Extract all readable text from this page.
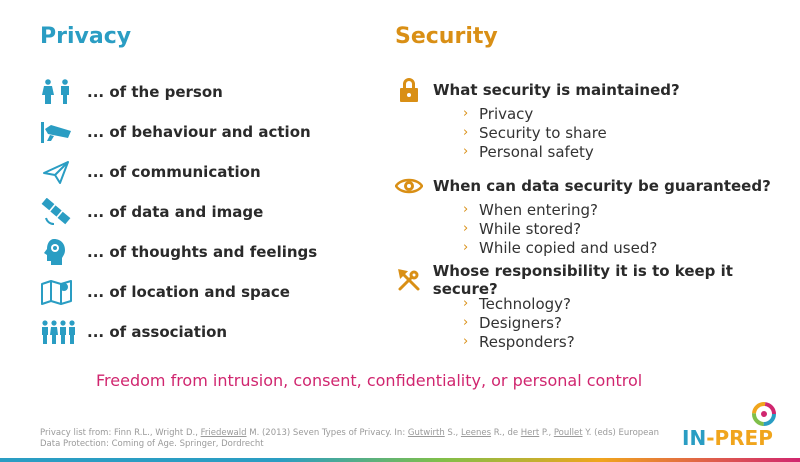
Privacy	Security
... of the person
... of behaviour and action
... of communication
... of data and image
... of thoughts and feelings
... of location and space
... of association
What security is maintained?
› Privacy
› Security to share
› Personal safety
When can data security be guaranteed?
› When entering?
› While stored?
› While copied and used?
Whose responsibility it is to keep it secure?
› Technology?
› Designers?
› Responders?
Freedom from intrusion, consent, confidentiality, or personal control
Privacy list from: Finn R.L., Wright D., Friedewald M. (2013) Seven Types of Privacy. In: Gutwirth S., Leenes R., de Hert P., Poullet Y. (eds) European Data Protection: Coming of Age. Springer, Dordrecht	IN-PREP
